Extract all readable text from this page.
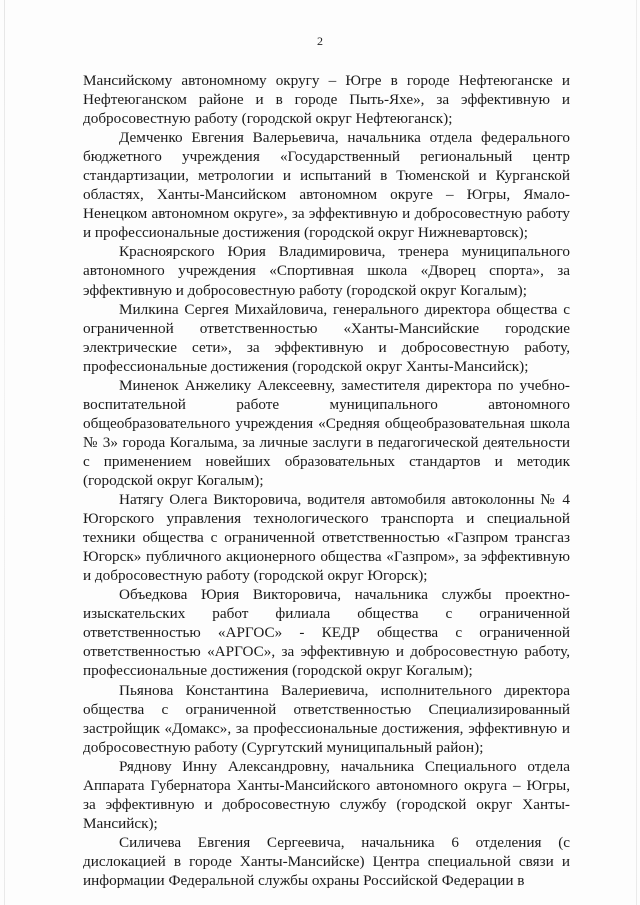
2

Мансийскому автономному округу – Югре в городе Нефтеюганске и Нефтеюганском районе и в городе Пыть-Яхе», за эффективную и добросовестную работу (городской округ Нефтеюганск);

Демченко Евгения Валерьевича, начальника отдела федерального бюджетного учреждения «Государственный региональный центр стандартизации, метрологии и испытаний в Тюменской и Курганской областях, Ханты-Мансийском автономном округе – Югры, Ямало-Ненецком автономном округе», за эффективную и добросовестную работу и профессиональные достижения (городской округ Нижневартовск);

Красноярского Юрия Владимировича, тренера муниципального автономного учреждения «Спортивная школа «Дворец спорта», за эффективную и добросовестную работу (городской округ Когалым);

Милкина Сергея Михайловича, генерального директора общества с ограниченной ответственностью «Ханты-Мансийские городские электрические сети», за эффективную и добросовестную работу, профессиональные достижения (городской округ Ханты-Мансийск);

Миненок Анжелику Алексеевну, заместителя директора по учебно-воспитательной работе муниципального автономного общеобразовательного учреждения «Средняя общеобразовательная школа № 3» города Когалыма, за личные заслуги в педагогической деятельности с применением новейших образовательных стандартов и методик (городской округ Когалым);

Натягу Олега Викторовича, водителя автомобиля автоколонны № 4 Югорского управления технологического транспорта и специальной техники общества с ограниченной ответственностью «Газпром трансгаз Югорск» публичного акционерного общества «Газпром», за эффективную и добросовестную работу (городской округ Югорск);

Объедкова Юрия Викторовича, начальника службы проектно-изыскательских работ филиала общества с ограниченной ответственностью «АРГОС» - КЕДР общества с ограниченной ответственностью «АРГОС», за эффективную и добросовестную работу, профессиональные достижения (городской округ Когалым);

Пьянова Константина Валериевича, исполнительного директора общества с ограниченной ответственностью Специализированный застройщик «Домакс», за профессиональные достижения, эффективную и добросовестную работу (Сургутский муниципальный район);

Ряднову Инну Александровну, начальника Специального отдела Аппарата Губернатора Ханты-Мансийского автономного округа – Югры, за эффективную и добросовестную службу (городской округ Ханты-Мансийск);

Силичева Евгения Сергеевича, начальника 6 отделения (с дислокацией в городе Ханты-Мансийске) Центра специальной связи и информации Федеральной службы охраны Российской Федерации в
